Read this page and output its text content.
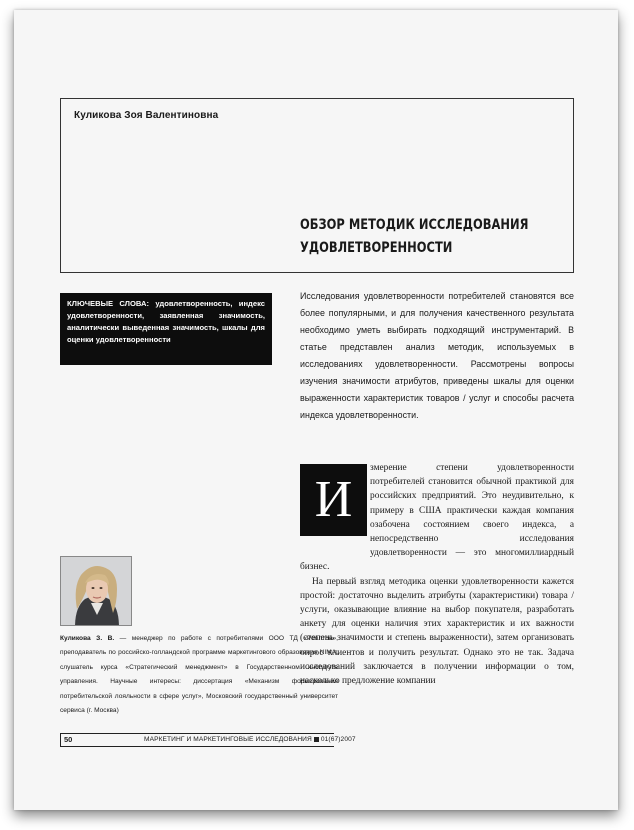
Куликова Зоя Валентиновна
ОБЗОР МЕТОДИК ИССЛЕДОВАНИЯ
УДОВЛЕТВОРЕННОСТИ
КЛЮЧЕВЫЕ СЛОВА: удовлетворенность, индекс удовлетворенности, заявленная значимость, аналитически выведенная значимость, шкалы для оценки удовлетворенности
Исследования удовлетворенности потребителей становятся все более популярными, и для получения качественного результата необходимо уметь выбирать подходящий инструментарий. В статье представлен анализ методик, используемых в исследованиях удовлетворенности. Рассмотрены вопросы изучения значимости атрибутов, приведены шкалы для оценки выраженности характеристик товаров / услуг и способы расчета индекса удовлетворенности.
И

змерение степени удовлетворенности потребителей становится обычной практикой для российских предприятий. Это неудивительно, к примеру в США практически каждая компания озабочена состоянием своего индекса, а непосредственно исследования удовлетворенности — это многомиллиардный бизнес.

На первый взгляд методика оценки удовлетворенности кажется простой: достаточно выделить атрибуты (характеристики) товара / услуги, оказывающие влияние на выбор покупателя, разработать анкету для оценки наличия этих характеристик и их важности (степень значимости и степень выраженности), затем организовать опрос клиентов и получить результат. Однако это не так. Задача исследований заключается в получении информации о том, насколько предложение компании

Куликова З. В. — менеджер по работе с потребителями ООО ТД «Роллтон», преподаватель по российско-голландской программе маркетингового образования NIMA, слушатель курса «Стратегический менеджмент» в Государственном институте управления. Научные интересы: диссертация «Механизм формирования потребительской лояльности в сфере услуг», Московский государственный университет сервиса (г. Москва)
50	МАРКЕТИНГ И МАРКЕТИНГОВЫЕ ИССЛЕДОВАНИЯ 01(67)2007
